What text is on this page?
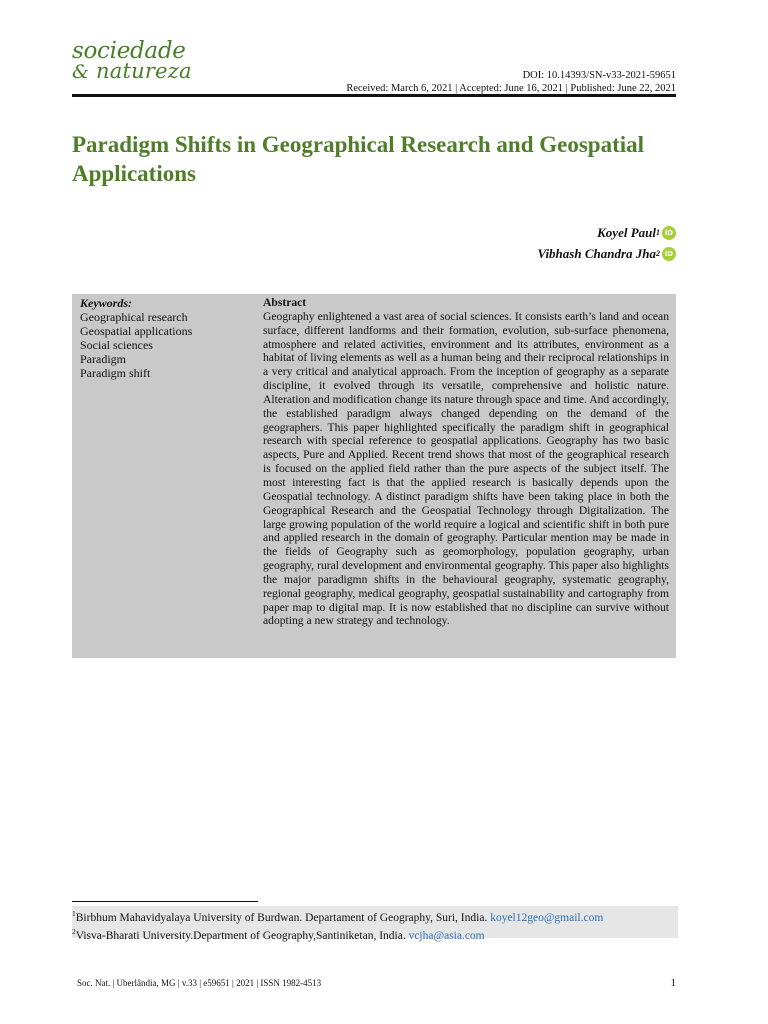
sociedade
& natureza	DOI: 10.14393/SN-v33-2021-59651
Received: March 6, 2021 | Accepted: June 16, 2021 | Published: June 22, 2021
Paradigm Shifts in Geographical Research and Geospatial Applications
Koyel Paul 1 iD
Vibhash Chandra Jha 2 iD
Keywords:
Geographical research
Geospatial applications
Social sciences
Paradigm
Paradigm shift
Abstract

Geography enlightened a vast area of social sciences. It consists earth’s land and ocean surface, different landforms and their formation, evolution, sub-surface phenomena, atmosphere and related activities, environment and its attributes, environment as a habitat of living elements as well as a human being and their reciprocal relationships in a very critical and analytical approach. From the inception of geography as a separate discipline, it evolved through its versatile, comprehensive and holistic nature. Alteration and modification change its nature through space and time. And accordingly, the established paradigm always changed depending on the demand of the geographers. This paper highlighted specifically the paradigm shift in geographical research with special reference to geospatial applications. Geography has two basic aspects, Pure and Applied. Recent trend shows that most of the geographical research is focused on the applied field rather than the pure aspects of the subject itself. The most interesting fact is that the applied research is basically depends upon the Geospatial technology. A distinct paradigm shifts have been taking place in both the Geographical Research and the Geospatial Technology through Digitalization. The large growing population of the world require a logical and scientific shift in both pure and applied research in the domain of geography. Particular mention may be made in the fields of Geography such as geomorphology, population geography, urban geography, rural development and environmental geography. This paper also highlights the major paradigmn shifts in the behavioural geography, systematic geography, regional geography, medical geography, geospatial sustainability and cartography from paper map to digital map. It is now established that no discipline can survive without adopting a new strategy and technology.

$^1$Birbhum Mahavidyalaya University of Burdwan. Departament of Geography, Suri, India. koyel12geo@gmail.com
$^2$Visva-Bharati University.Department of Geography,Santiniketan, India. vcjha@asia.com
Soc. Nat. | Uberlândia, MG | v.33 | e59651 | 2021 | ISSN 1982-4513	1
